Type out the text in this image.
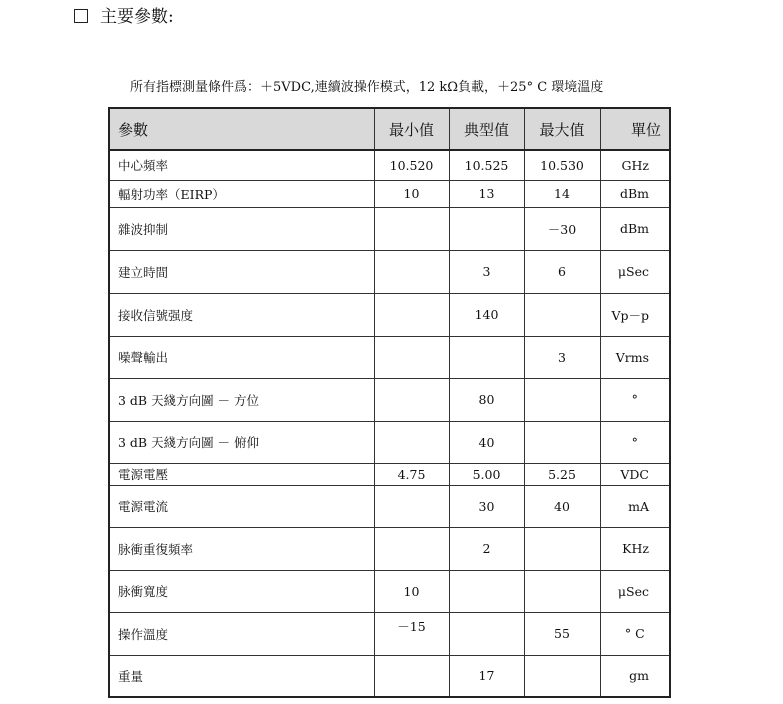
主要參數:
所有指標測量條件爲：＋5VDC,連續波操作模式，12 kΩ負載，＋25° C 環境溫度
參數	最小值	典型值	最大值	單位
中心頻率	10.520	10.525	10.530	GHz
輻射功率（EIRP）	10	13	14	dBm
雜波抑制			－30	dBm
建立時間		3	6	μSec
接收信號强度		140		Vp－p
噪聲輸出			3	Vrms
3 dB 天綫方向圖 － 方位		80		°
3 dB 天綫方向圖 － 俯仰		40		°
電源電壓	4.75	5.00	5.25	VDC
電源電流		30	40	mA
脉衝重復頻率		2		KHz
脉衝寬度	10			μSec
操作溫度	－15		55	° C
重量		17		gm
